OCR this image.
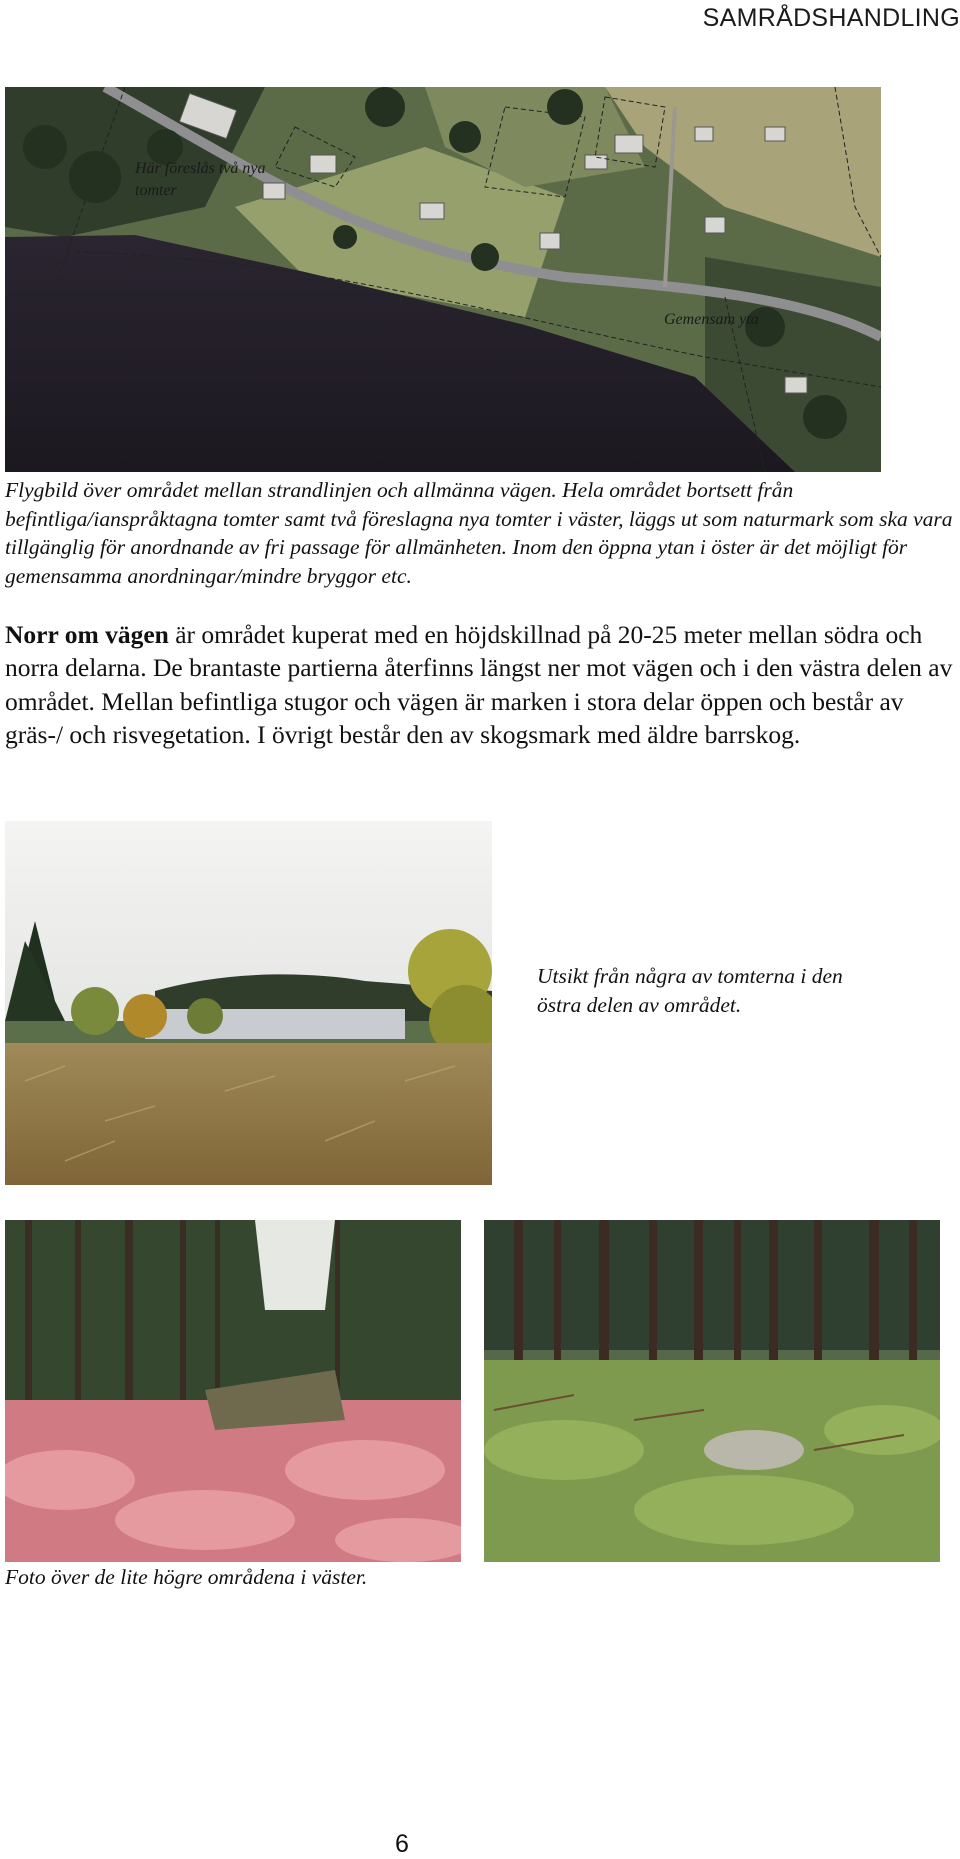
SAMRÅDSHANDLING
Här föreslås två nya tomter
Gemensam yta
Flygbild över området mellan strandlinjen och allmänna vägen. Hela området bortsett från befintliga/ianspråktagna tomter samt två föreslagna nya tomter i väster, läggs ut som naturmark som ska vara tillgänglig för anordnande av fri passage för allmänheten. Inom den öppna ytan i öster är det möjligt för gemensamma anordningar/mindre bryggor etc.
Norr om vägen är området kuperat med en höjdskillnad på 20-25 meter mellan södra och norra delarna. De brantaste partierna återfinns längst ner mot vägen och i den västra delen av området. Mellan befintliga stugor och vägen är marken i stora delar öppen och består av gräs-/ och risvegetation. I övrigt består den av skogsmark med äldre barrskog.
Utsikt från några av tomterna i den östra delen av området.
Foto över de lite högre områdena i väster.
6
